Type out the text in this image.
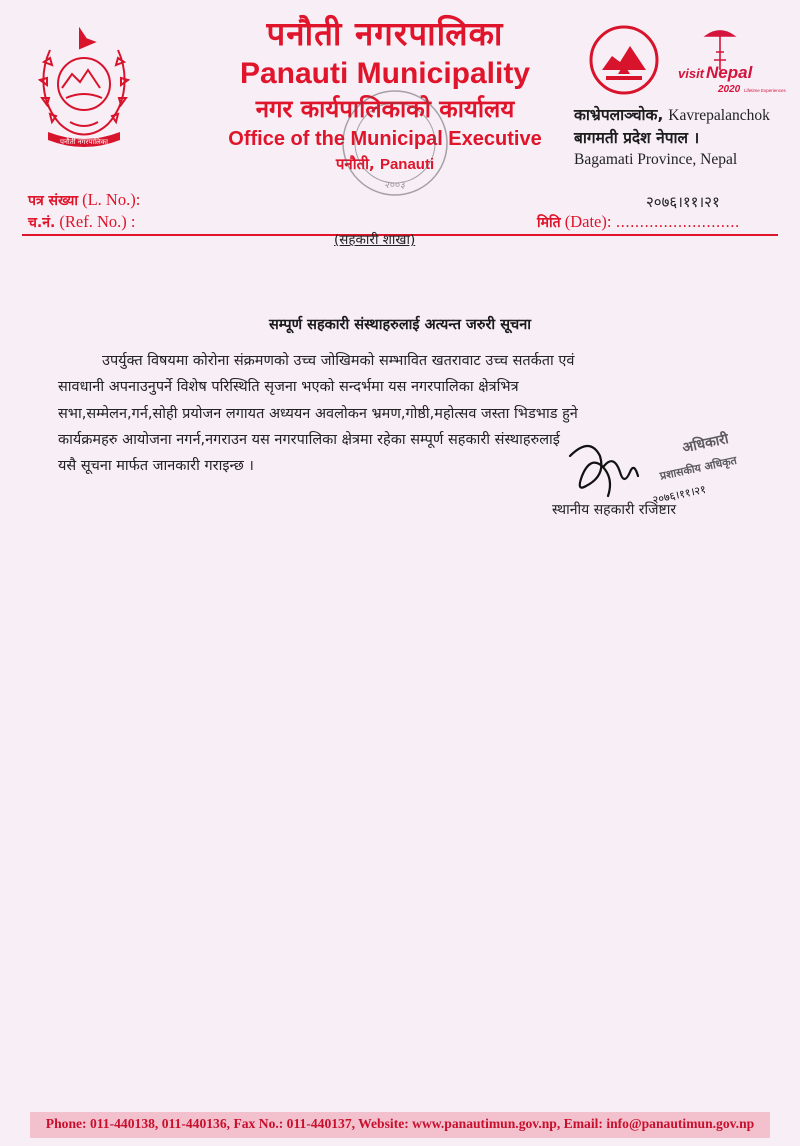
पनौती नगरपालिका
पनौती नगरपालिका
Panauti Municipality
नगर कार्यपालिकाको कार्यालय
Office of the Municipal Executive
पनौती, Panauti
२००३
visit Nepal
2020 Lifetime Experiences
काभ्रेपलाञ्चोक, Kavrepalanchok
बागमती प्रदेश नेपाल ।
Bagamati Province, Nepal
पत्र संख्या (L. No.):	२०७६।११।२१
च.नं. (Ref. No.) :	मिति (Date): ..........................
(सहकारी शाखा)
सम्पूर्ण सहकारी संस्थाहरुलाई अत्यन्त जरुरी सूचना
उपर्युक्त विषयमा कोरोना संक्रमणको उच्च जोखिमको सम्भावित खतरावाट उच्च सतर्कता एवं
सावधानी अपनाउनुपर्ने विशेष परिस्थिति सृजना भएको सन्दर्भमा यस नगरपालिका क्षेत्रभित्र
सभा,सम्मेलन,गर्न,सोही प्रयोजन लगायत अध्ययन अवलोकन भ्रमण,गोष्ठी,महोत्सव जस्ता भिडभाड हुने
कार्यक्रमहरु आयोजना नगर्न,नगराउन यस नगरपालिका क्षेत्रमा रहेका सम्पूर्ण सहकारी संस्थाहरुलाई
यसै सूचना मार्फत जानकारी गराइन्छ ।
अधिकारी
प्रशासकीय अधिकृत
२०७६।११।२१
स्थानीय सहकारी रजिष्टार
Phone: 011-440138, 011-440136, Fax No.: 011-440137, Website: www.panautimun.gov.np, Email: info@panautimun.gov.np
